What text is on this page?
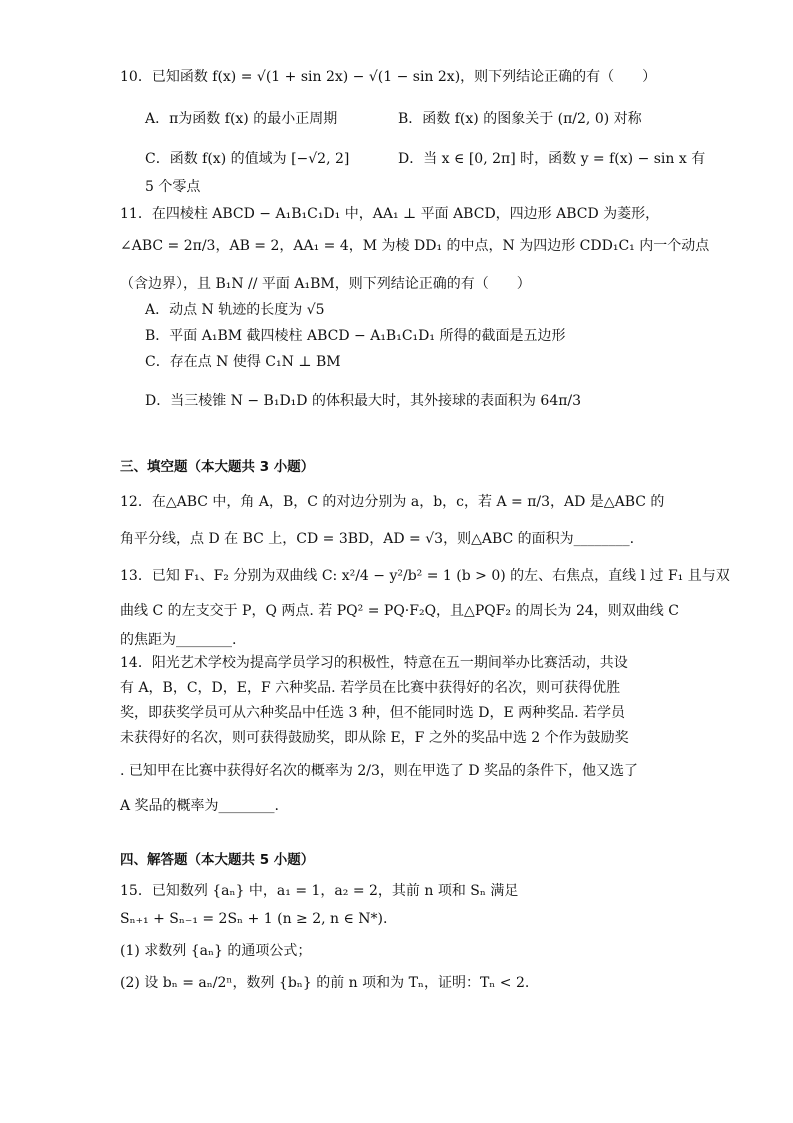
10．已知函数 f(x) = √(1 + sin 2x) − √(1 − sin 2x)，则下列结论正确的有（　　）
A．π为函数 f(x) 的最小正周期	B．函数 f(x) 的图象关于 (π/2, 0) 对称
C．函数 f(x) 的值域为 [−√2, 2]	D．当 x ∈ [0, 2π] 时，函数 y = f(x) − sin x 有
5 个零点
11．在四棱柱 ABCD − A₁B₁C₁D₁ 中，AA₁ ⊥ 平面 ABCD，四边形 ABCD 为菱形，
∠ABC = 2π/3，AB = 2，AA₁ = 4，M 为棱 DD₁ 的中点，N 为四边形 CDD₁C₁ 内一个动点
（含边界），且 B₁N // 平面 A₁BM，则下列结论正确的有（　　）
A．动点 N 轨迹的长度为 √5
B．平面 A₁BM 截四棱柱 ABCD − A₁B₁C₁D₁ 所得的截面是五边形
C．存在点 N 使得 C₁N ⊥ BM
D．当三棱锥 N − B₁D₁D 的体积最大时，其外接球的表面积为 64π/3
三、填空题（本大题共 3 小题）
12．在△ABC 中，角 A，B，C 的对边分别为 a，b，c，若 A = π/3，AD 是△ABC 的
角平分线，点 D 在 BC 上，CD = 3BD，AD = √3，则△ABC 的面积为________.
13．已知 F₁、F₂ 分别为双曲线 C: x²/4 − y²/b² = 1 (b > 0) 的左、右焦点，直线 l 过 F₁ 且与双
曲线 C 的左支交于 P，Q 两点. 若 PQ² = PQ·F₂Q，且△PQF₂ 的周长为 24，则双曲线 C
的焦距为________.
14．阳光艺术学校为提高学员学习的积极性，特意在五一期间举办比赛活动，共设
有 A，B，C，D，E，F 六种奖品. 若学员在比赛中获得好的名次，则可获得优胜
奖，即获奖学员可从六种奖品中任选 3 种，但不能同时选 D，E 两种奖品. 若学员
未获得好的名次，则可获得鼓励奖，即从除 E，F 之外的奖品中选 2 个作为鼓励奖
. 已知甲在比赛中获得好名次的概率为 2/3，则在甲选了 D 奖品的条件下，他又选了
A 奖品的概率为________.
四、解答题（本大题共 5 小题）
15．已知数列 {aₙ} 中，a₁ = 1，a₂ = 2，其前 n 项和 Sₙ 满足
Sₙ₊₁ + Sₙ₋₁ = 2Sₙ + 1 (n ≥ 2, n ∈ N*).
(1) 求数列 {aₙ} 的通项公式；
(2) 设 bₙ = aₙ/2ⁿ，数列 {bₙ} 的前 n 项和为 Tₙ，证明：Tₙ < 2.
